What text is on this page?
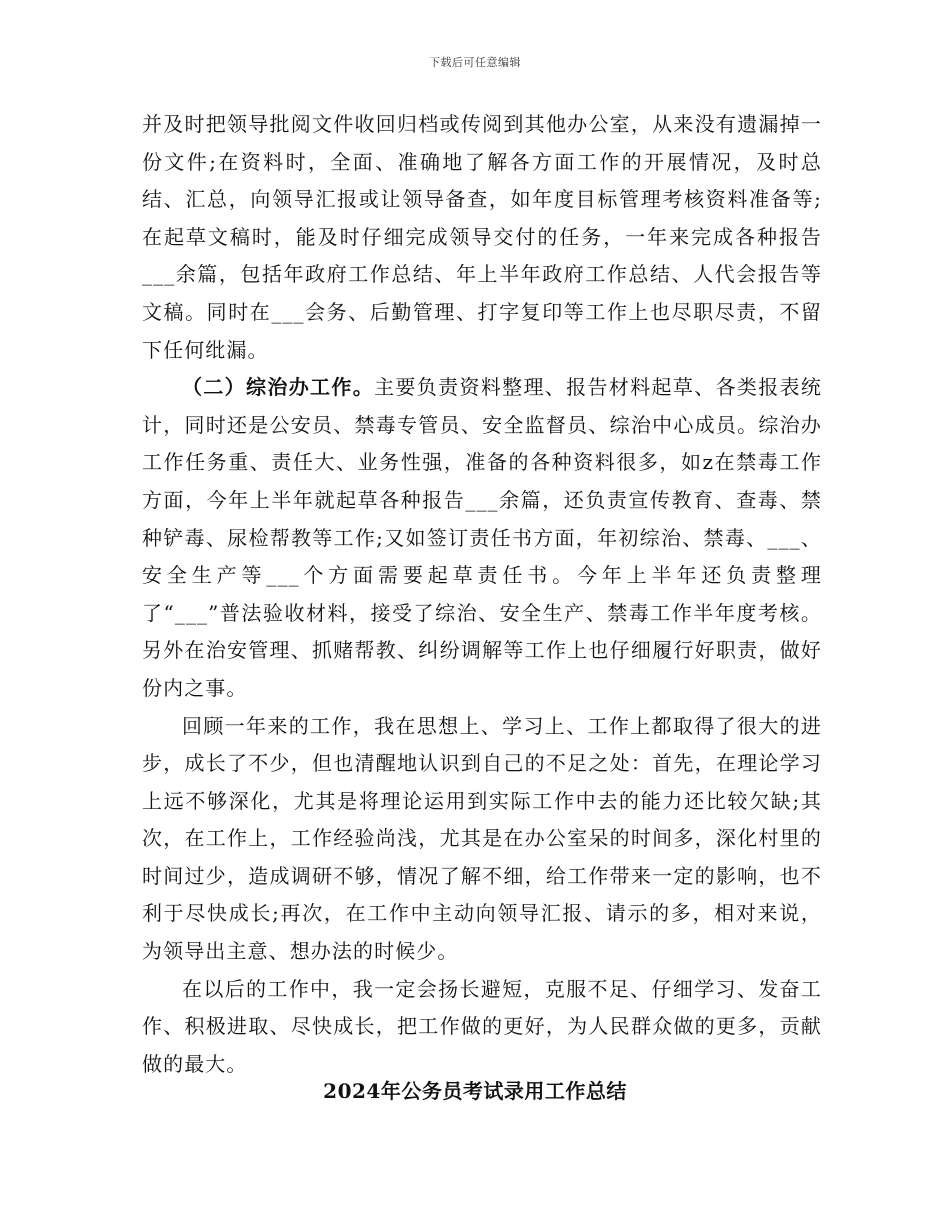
下载后可任意编辑

并及时把领导批阅文件收回归档或传阅到其他办公室，从来没有遗漏掉一份文件;在资料时，全面、准确地了解各方面工作的开展情况，及时总结、汇总，向领导汇报或让领导备查，如年度目标管理考核资料准备等;在起草文稿时，能及时仔细完成领导交付的任务，一年来完成各种报告___余篇，包括年政府工作总结、年上半年政府工作总结、人代会报告等文稿。同时在___会务、后勤管理、打字复印等工作上也尽职尽责，不留下任何纰漏。

（二）综治办工作。主要负责资料整理、报告材料起草、各类报表统计，同时还是公安员、禁毒专管员、安全监督员、综治中心成员。综治办工作任务重、责任大、业务性强，准备的各种资料很多，如z在禁毒工作方面，今年上半年就起草各种报告___余篇，还负责宣传教育、查毒、禁种铲毒、尿检帮教等工作;又如签订责任书方面，年初综治、禁毒、___、安全生产等___个方面需要起草责任书。今年上半年还负责整理了“___”普法验收材料，接受了综治、安全生产、禁毒工作半年度考核。另外在治安管理、抓赌帮教、纠纷调解等工作上也仔细履行好职责，做好份内之事。

回顾一年来的工作，我在思想上、学习上、工作上都取得了很大的进步，成长了不少，但也清醒地认识到自己的不足之处：首先，在理论学习上远不够深化，尤其是将理论运用到实际工作中去的能力还比较欠缺;其次，在工作上，工作经验尚浅，尤其是在办公室呆的时间多，深化村里的时间过少，造成调研不够，情况了解不细，给工作带来一定的影响，也不利于尽快成长;再次，在工作中主动向领导汇报、请示的多，相对来说，为领导出主意、想办法的时候少。

在以后的工作中，我一定会扬长避短，克服不足、仔细学习、发奋工作、积极进取、尽快成长，把工作做的更好，为人民群众做的更多，贡献做的最大。

2024年公务员考试录用工作总结
